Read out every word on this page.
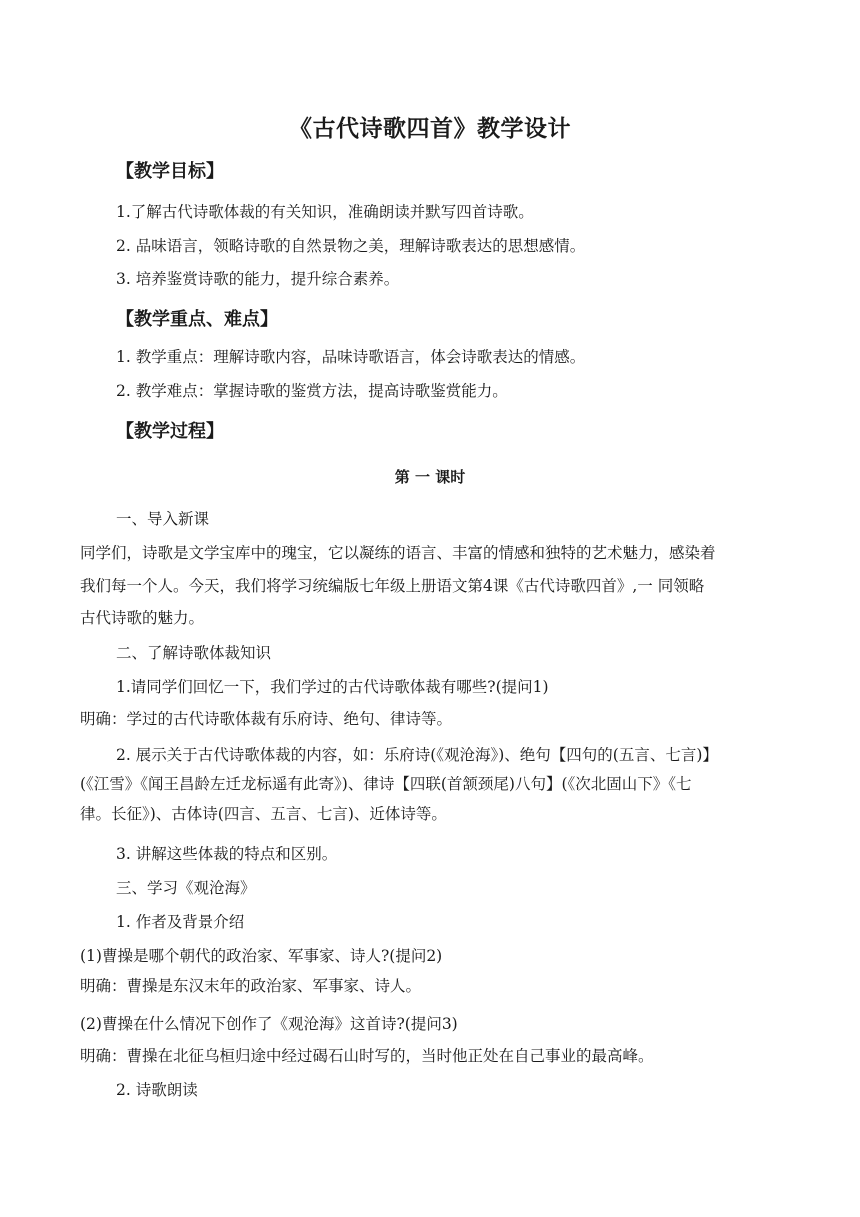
《古代诗歌四首》教学设计
【教学目标】
1.了解古代诗歌体裁的有关知识，准确朗读并默写四首诗歌。
2. 品味语言，领略诗歌的自然景物之美，理解诗歌表达的思想感情。
3. 培养鉴赏诗歌的能力，提升综合素养。
【教学重点、难点】
1. 教学重点：理解诗歌内容，品味诗歌语言，体会诗歌表达的情感。
2. 教学难点：掌握诗歌的鉴赏方法，提高诗歌鉴赏能力。
【教学过程】
第 一 课时
一、导入新课
同学们，诗歌是文学宝库中的瑰宝，它以凝练的语言、丰富的情感和独特的艺术魅力，感染着
我们每一个人。今天，我们将学习统编版七年级上册语文第4课《古代诗歌四首》,一 同领略
古代诗歌的魅力。
二、了解诗歌体裁知识
1.请同学们回忆一下，我们学过的古代诗歌体裁有哪些?(提问1)
明确：学过的古代诗歌体裁有乐府诗、绝句、律诗等。
2. 展示关于古代诗歌体裁的内容，如：乐府诗(《观沧海》)、绝句【四句的(五言、七言)】
(《江雪》《闻王昌龄左迁龙标遥有此寄》)、律诗【四联(首颔颈尾)八句】(《次北固山下》《七
律。长征》)、古体诗(四言、五言、七言)、近体诗等。
3. 讲解这些体裁的特点和区别。
三、学习《观沧海》
1. 作者及背景介绍
(1)曹操是哪个朝代的政治家、军事家、诗人?(提问2)
明确：曹操是东汉末年的政治家、军事家、诗人。
(2)曹操在什么情况下创作了《观沧海》这首诗?(提问3)
明确：曹操在北征乌桓归途中经过碣石山时写的，当时他正处在自己事业的最高峰。
2. 诗歌朗读
